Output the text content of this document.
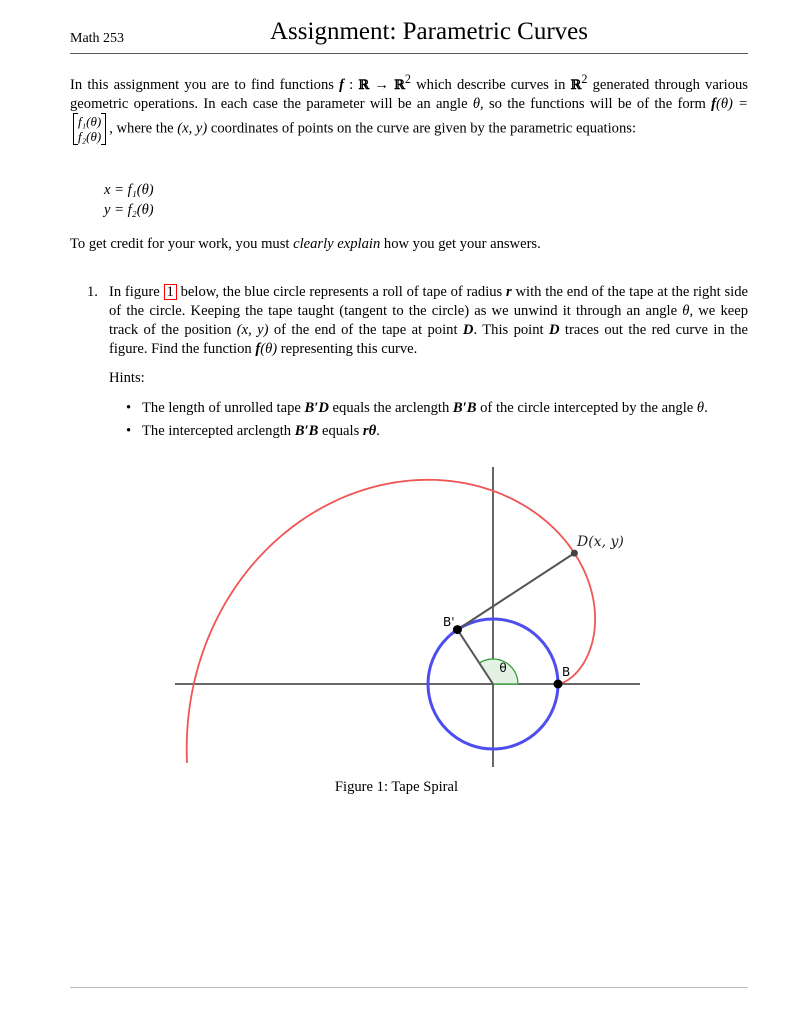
Math 253	Assignment: Parametric Curves
In this assignment you are to find functions f : ℝ → ℝ$^2$ which describe curves in ℝ$^2$ generated through various geometric operations. In each case the parameter will be an angle θ, so the functions will be of the form f(θ) = f₁(θ)
f₂(θ), where the (x, y) coordinates of points on the curve are given by the parametric equations:
x = f₁(θ)
y = f₂(θ)
To get credit for your work, you must clearly explain how you get your answers.
1. In figure 1 below, the blue circle represents a roll of tape of radius r with the end of the tape at the right side of the circle. Keeping the tape taught (tangent to the circle) as we unwind it through an angle θ, we keep track of the position (x, y) of the end of the tape at point D. This point D traces out the red curve in the figure. Find the function f(θ) representing this curve.
Hints:
• The length of unrolled tape B′D equals the arclength B′B of the circle intercepted by the angle θ.
• The intercepted arclength B′B equals rθ.
θ
B'
B
D(x, y)
Figure 1: Tape Spiral
